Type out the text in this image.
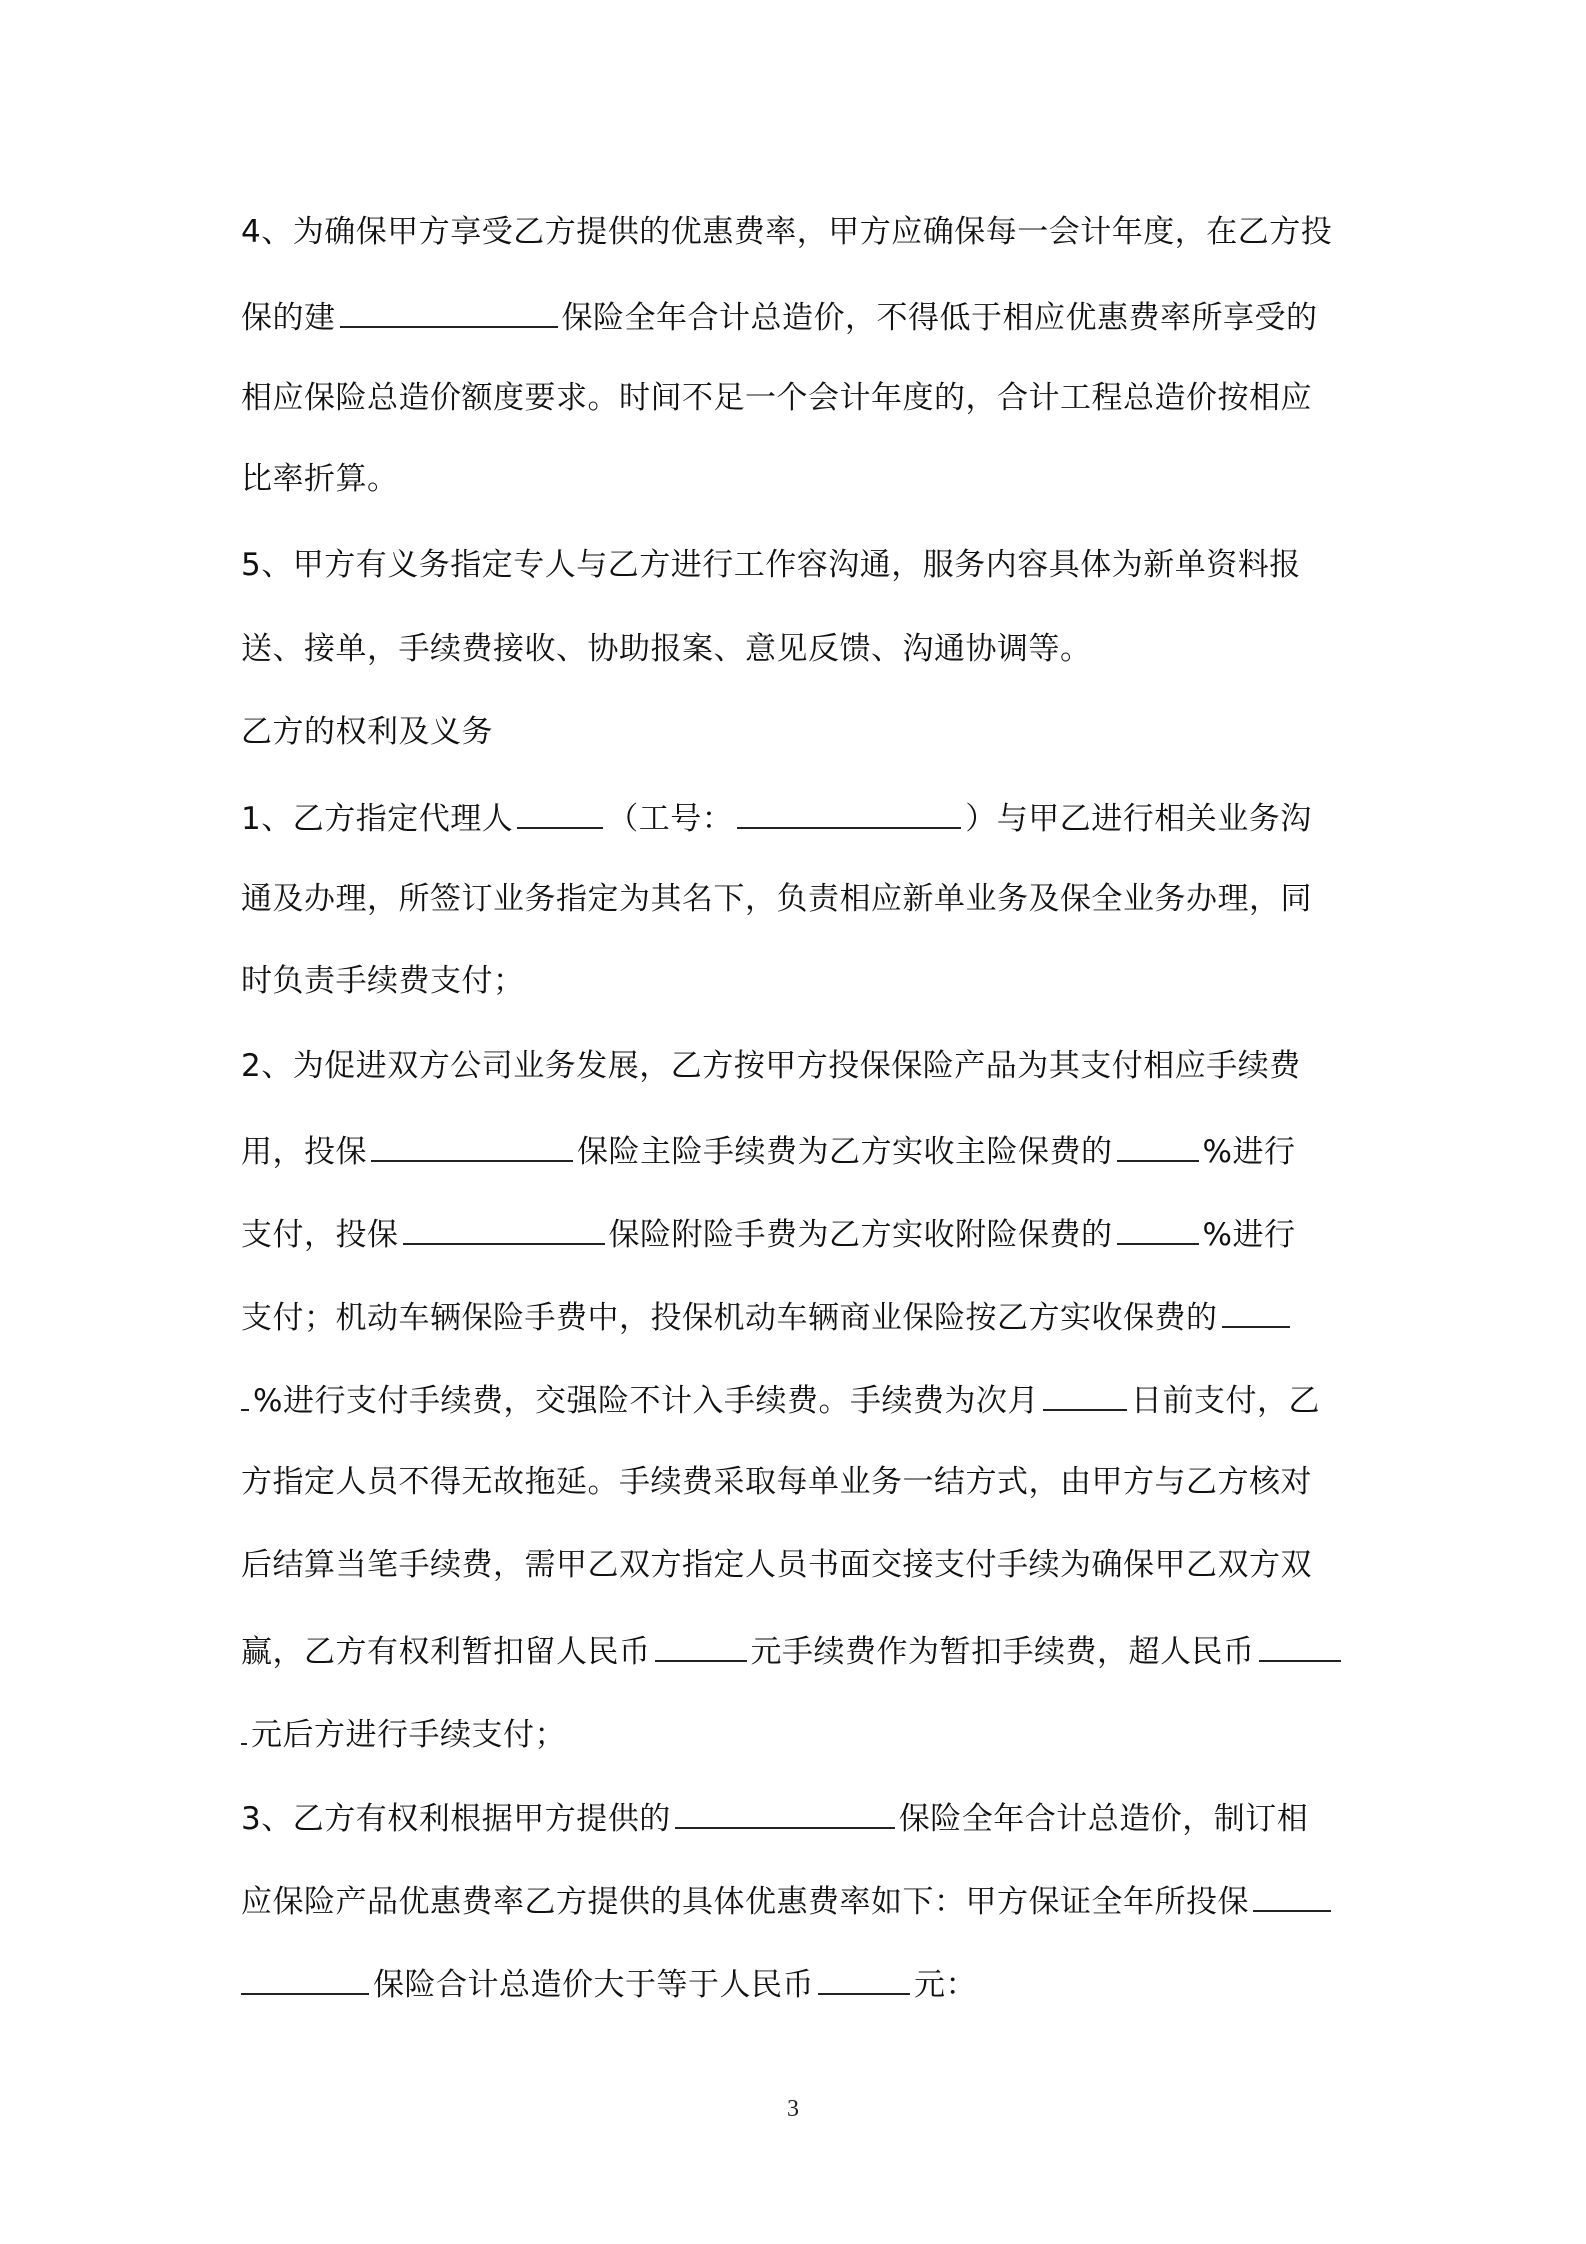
4、为确保甲方享受乙方提供的优惠费率，甲方应确保每一会计年度，在乙方投
保的建	保险全年合计总造价，不得低于相应优惠费率所享受的
相应保险总造价额度要求。时间不足一个会计年度的，合计工程总造价按相应
比率折算。
5、甲方有义务指定专人与乙方进行工作容沟通，服务内容具体为新单资料报
送、接单，手续费接收、协助报案、意见反馈、沟通协调等。
乙方的权利及义务
1、乙方指定代理人	（工号：	）与甲乙进行相关业务沟
通及办理，所签订业务指定为其名下，负责相应新单业务及保全业务办理，同
时负责手续费支付；
2、为促进双方公司业务发展，乙方按甲方投保保险产品为其支付相应手续费
用，投保	保险主险手续费为乙方实收主险保费的	%进行
支付，投保	保险附险手费为乙方实收附险保费的	%进行
支付；机动车辆保险手费中，投保机动车辆商业保险按乙方实收保费的
%进行支付手续费，交强险不计入手续费。手续费为次月	日前支付，乙
方指定人员不得无故拖延。手续费采取每单业务一结方式，由甲方与乙方核对
后结算当笔手续费，需甲乙双方指定人员书面交接支付手续为确保甲乙双方双
赢，乙方有权利暂扣留人民币	元手续费作为暂扣手续费，超人民币
元后方进行手续支付；
3、乙方有权利根据甲方提供的	保险全年合计总造价，制订相
应保险产品优惠费率乙方提供的具体优惠费率如下：甲方保证全年所投保
保险合计总造价大于等于人民币	元：
3
